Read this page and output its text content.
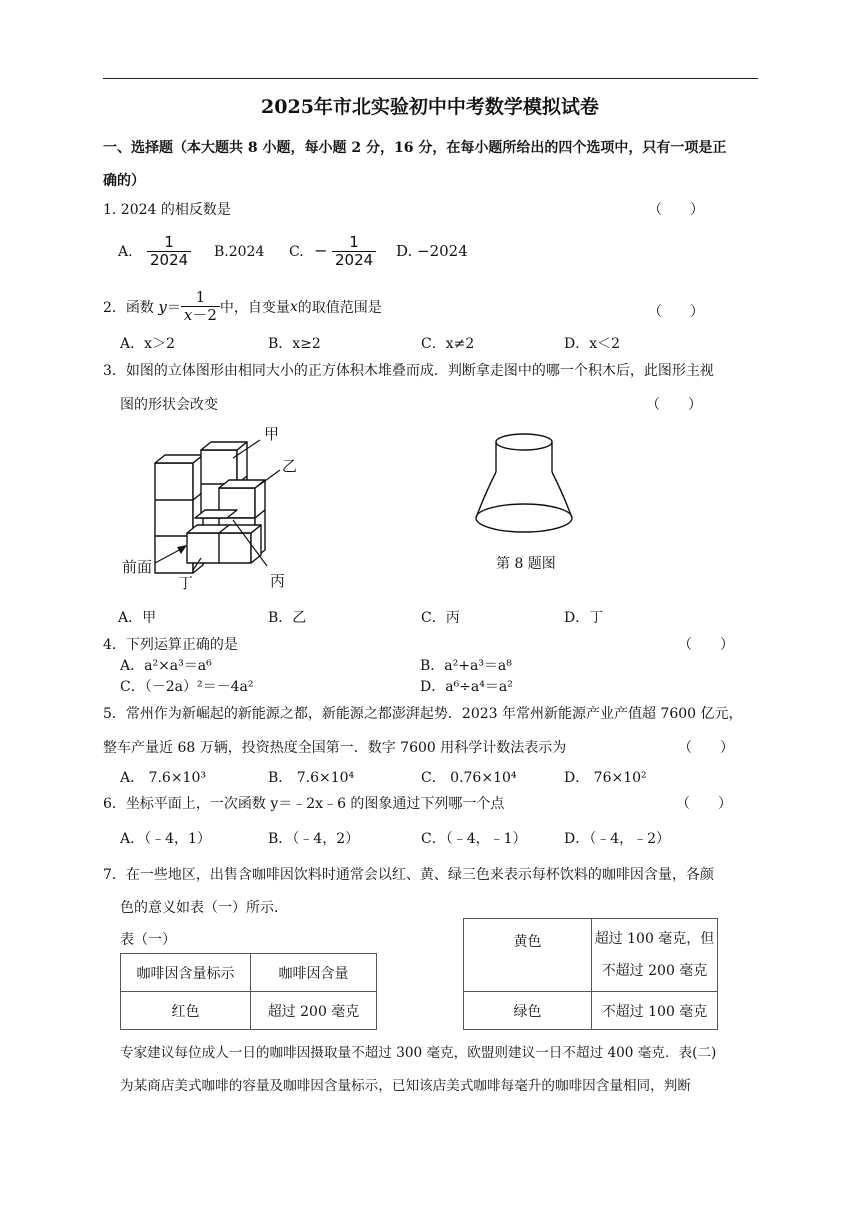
2025年市北实验初中中考数学模拟试卷
一、选择题（本大题共 8 小题，每小题 2 分，16 分，在每小题所给出的四个选项中，只有一项是正
确的）
1. 2024 的相反数是	（　　）
A. $\frac{1}{2024} B.2024$ C. − $\frac{1}{2024} D$. −2024
2．函数 $y= \frac{1}{x-2}$ 中，自变量x的取值范围是	（　　）
A．x＞2	B．x≥2	C．x≠2	D．x＜2
3．如图的立体图形由相同大小的正方体积木堆叠而成．判断拿走图中的哪一个积木后，此图形主视
图的形状会改变	（　　）
甲
乙
丙
丁
前面	第 8 题图
A．甲	B．乙	C．丙	D．丁
4．下列运算正确的是	（　　）
A．a²×a³＝a⁶	B．a²+a³＝a⁸
C．（－2a）²＝－4a²	D．a⁶÷a⁴＝a²
5．常州作为新崛起的新能源之都，新能源之都澎湃起势．2023 年常州新能源产业产值超 7600 亿元，
整车产量近 68 万辆，投资热度全国第一．数字 7600 用科学计数法表示为	（　　）
A． 7.6×10³	B． 7.6×10⁴	C． 0.76×10⁴	D． 76×10²
6．坐标平面上，一次函数 y＝﹣2x﹣6 的图象通过下列哪一个点	（　　）
A．（﹣4，1）	B．（﹣4，2）	C．（﹣4，﹣1）	D．（﹣4，﹣2）
7．在一些地区，出售含咖啡因饮料时通常会以红、黄、绿三色来表示每杯饮料的咖啡因含量，各颜
色的意义如表（一）所示．
表（一）
咖啡因含量标示	咖啡因含量
红色	超过 200 毫克
黄色	超过 100 毫克，但
不超过 200 毫克

绿色	不超过 100 毫克
专家建议每位成人一日的咖啡因摄取量不超过 300 毫克，欧盟则建议一日不超过 400 毫克．表(二)
为某商店美式咖啡的容量及咖啡因含量标示，已知该店美式咖啡每毫升的咖啡因含量相同，判断
